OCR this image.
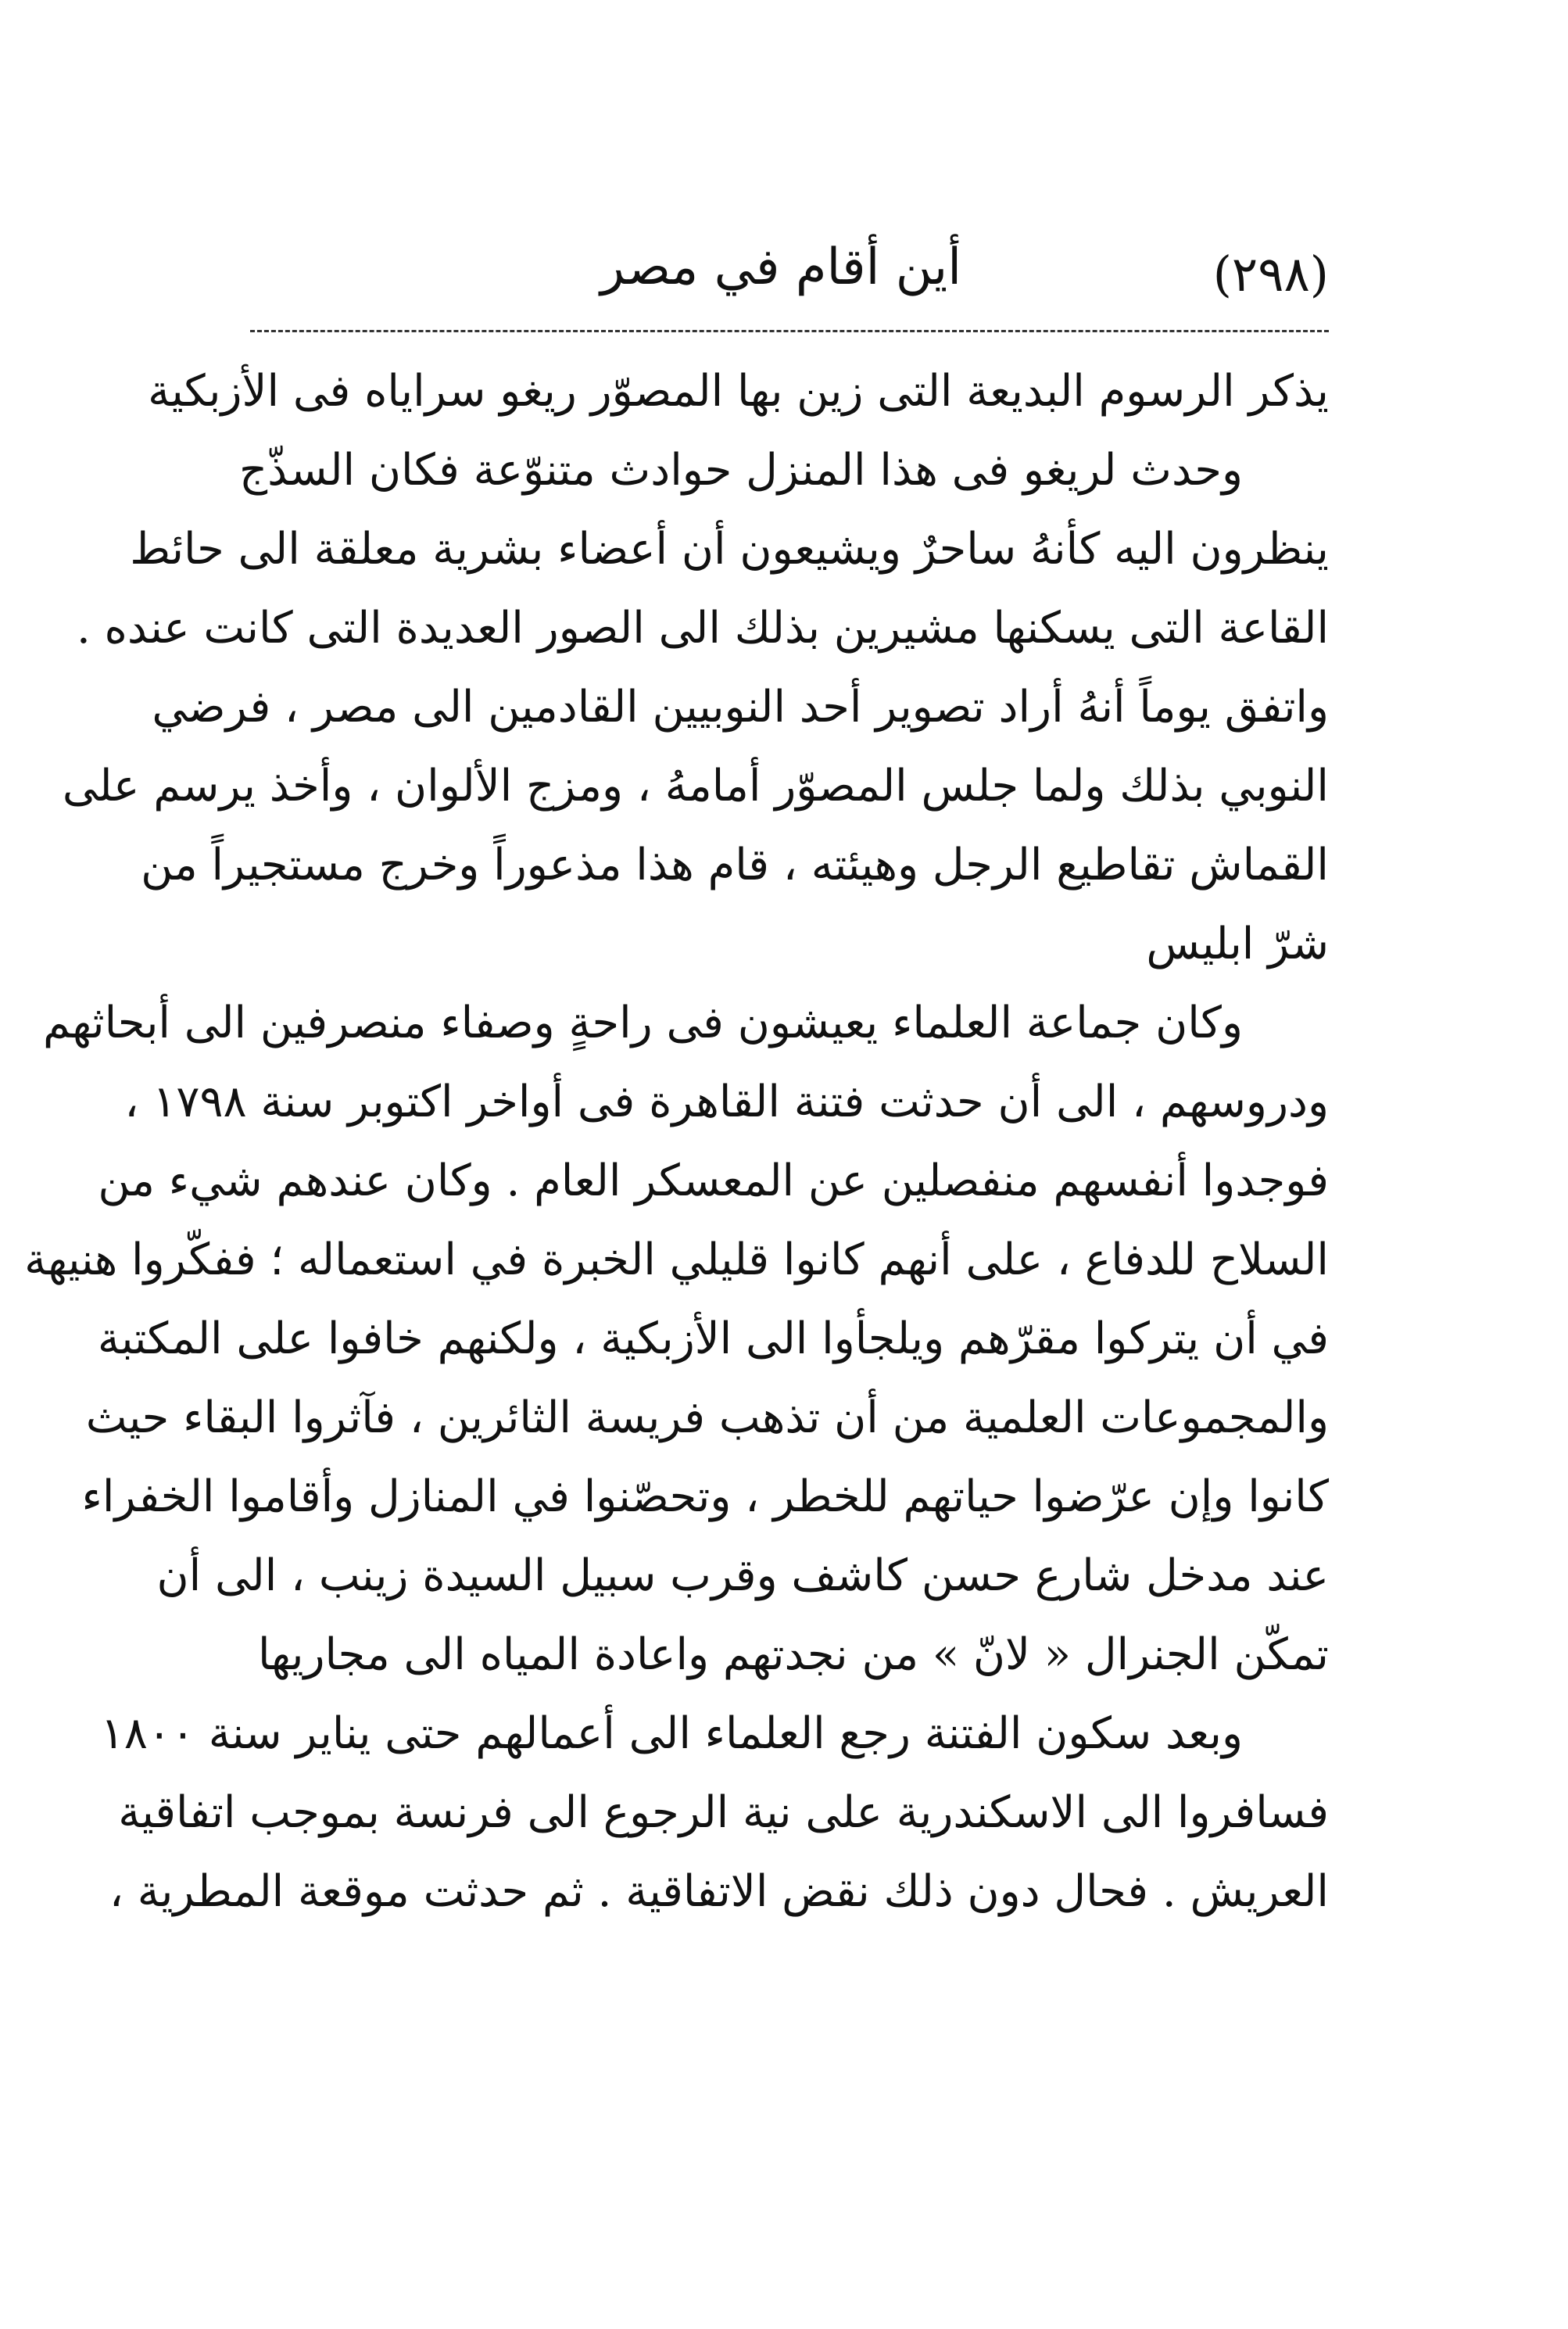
(٢٩٨)
أين أقام في مصر
يذكر الرسوم البديعة التى زين بها المصوّر ريغو سراياه فى الأزبكية
وحدث لريغو فى هذا المنزل حوادث متنوّعة فكان السذّج
ينظرون اليه كأنهُ ساحرٌ ويشيعون أن أعضاء بشرية معلقة الى حائط
القاعة التى يسكنها مشيرين بذلك الى الصور العديدة التى كانت عنده .
واتفق يوماً أنهُ أراد تصوير أحد النوبيين القادمين الى مصر ، فرضي
النوبي بذلك ولما جلس المصوّر أمامهُ ، ومزج الألوان ، وأخذ يرسم على
القماش تقاطيع الرجل وهيئته ، قام هذا مذعوراً وخرج مستجيراً من
شرّ ابليس
وكان جماعة العلماء يعيشون فى راحةٍ وصفاء منصرفين الى أبحاثهم
ودروسهم ، الى أن حدثت فتنة القاهرة فى أواخر اكتوبر سنة ١٧٩٨ ،
فوجدوا أنفسهم منفصلين عن المعسكر العام . وكان عندهم شيء من
السلاح للدفاع ، على أنهم كانوا قليلي الخبرة في استعماله ؛ ففكّروا هنيهة
في أن يتركوا مقرّهم ويلجأوا الى الأزبكية ، ولكنهم خافوا على المكتبة
والمجموعات العلمية من أن تذهب فريسة الثائرين ، فآثروا البقاء حيث
كانوا وإن عرّضوا حياتهم للخطر ، وتحصّنوا في المنازل وأقاموا الخفراء
عند مدخل شارع حسن كاشف وقرب سبيل السيدة زينب ، الى أن
تمكّن الجنرال « لانّ » من نجدتهم واعادة المياه الى مجاريها
وبعد سكون الفتنة رجع العلماء الى أعمالهم حتى يناير سنة ١٨٠٠
فسافروا الى الاسكندرية على نية الرجوع الى فرنسة بموجب اتفاقية
العريش . فحال دون ذلك نقض الاتفاقية . ثم حدثت موقعة المطرية ،
